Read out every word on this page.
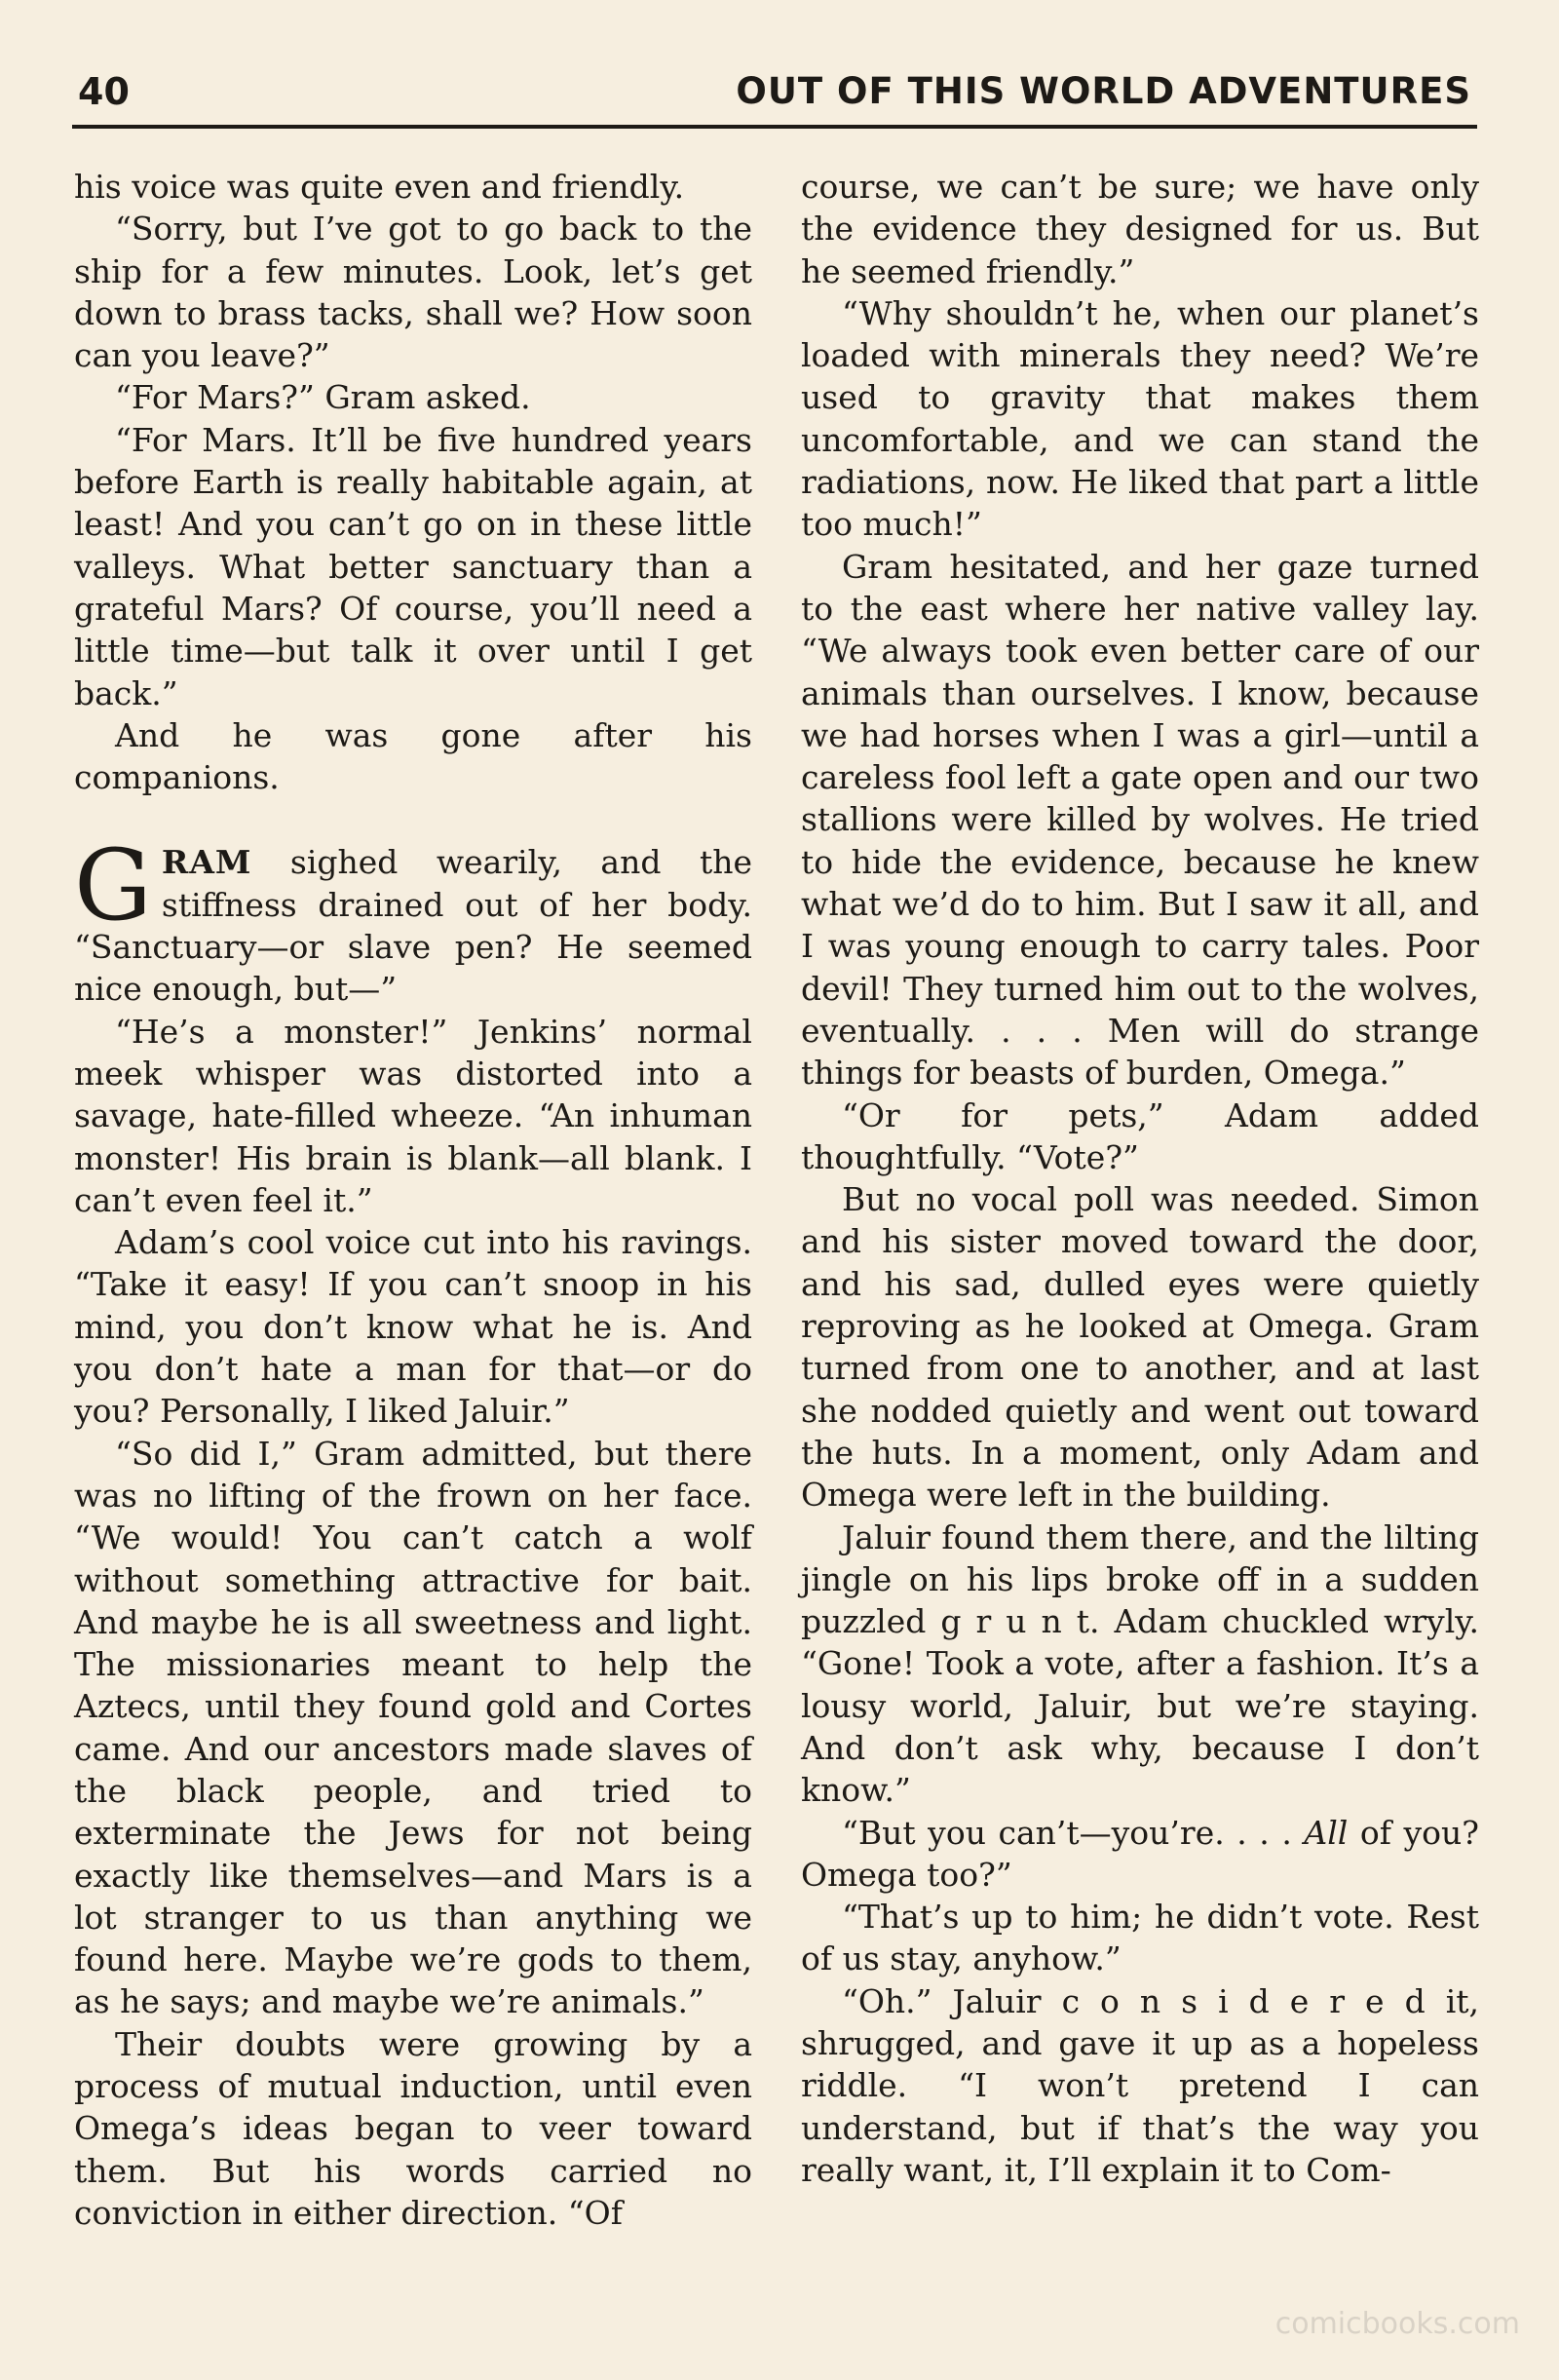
40	OUT OF THIS WORLD ADVENTURES

his voice was quite even and friendly.

“Sorry, but I’ve got to go back to the ship for a few minutes. Look, let’s get down to brass tacks, shall we? How soon can you leave?”

“For Mars?” Gram asked.

“For Mars. It’ll be five hundred years before Earth is really habitable again, at least! And you can’t go on in these little valleys. What better sanctuary than a grateful Mars? Of course, you’ll need a little time—but talk it over until I get back.”

And he was gone after his companions.

GRAM sighed wearily, and the stiffness drained out of her body. “Sanctuary—or slave pen? He seemed nice enough, but—”

“He’s a monster!” Jenkins’ normal meek whisper was distorted into a savage, hate-filled wheeze. “An inhuman monster! His brain is blank—all blank. I can’t even feel it.”

Adam’s cool voice cut into his ravings. “Take it easy! If you can’t snoop in his mind, you don’t know what he is. And you don’t hate a man for that—or do you? Personally, I liked Jaluir.”

“So did I,” Gram admitted, but there was no lifting of the frown on her face. “We would! You can’t catch a wolf without something attractive for bait. And maybe he is all sweetness and light. The missionaries meant to help the Aztecs, until they found gold and Cortes came. And our ancestors made slaves of the black people, and tried to exterminate the Jews for not being exactly like themselves—and Mars is a lot stranger to us than anything we found here. Maybe we’re gods to them, as he says; and maybe we’re animals.”

Their doubts were growing by a process of mutual induction, until even Omega’s ideas began to veer toward them. But his words carried no conviction in either direction. “Of

course, we can’t be sure; we have only the evidence they designed for us. But he seemed friendly.”

“Why shouldn’t he, when our planet’s loaded with minerals they need? We’re used to gravity that makes them uncomfortable, and we can stand the radiations, now. He liked that part a little too much!”

Gram hesitated, and her gaze turned to the east where her native valley lay. “We always took even better care of our animals than ourselves. I know, because we had horses when I was a girl—until a careless fool left a gate open and our two stallions were killed by wolves. He tried to hide the evidence, because he knew what we’d do to him. But I saw it all, and I was young enough to carry tales. Poor devil! They turned him out to the wolves, eventually. . . . Men will do strange things for beasts of burden, Omega.”

“Or for pets,” Adam added thoughtfully. “Vote?”

But no vocal poll was needed. Simon and his sister moved toward the door, and his sad, dulled eyes were quietly reproving as he looked at Omega. Gram turned from one to another, and at last she nodded quietly and went out toward the huts. In a moment, only Adam and Omega were left in the building.

Jaluir found them there, and the lilting jingle on his lips broke off in a sudden puzzled g r u n t. Adam chuckled wryly. “Gone! Took a vote, after a fashion. It’s a lousy world, Jaluir, but we’re staying. And don’t ask why, because I don’t know.”

“But you can’t—you’re. . . . All of you? Omega too?”

“That’s up to him; he didn’t vote. Rest of us stay, anyhow.”

“Oh.” Jaluir c o n s i d e r e d it, shrugged, and gave it up as a hopeless riddle. “I won’t pretend I can understand, but if that’s the way you really want, it, I’ll explain it to Com-

comicbooks.com
